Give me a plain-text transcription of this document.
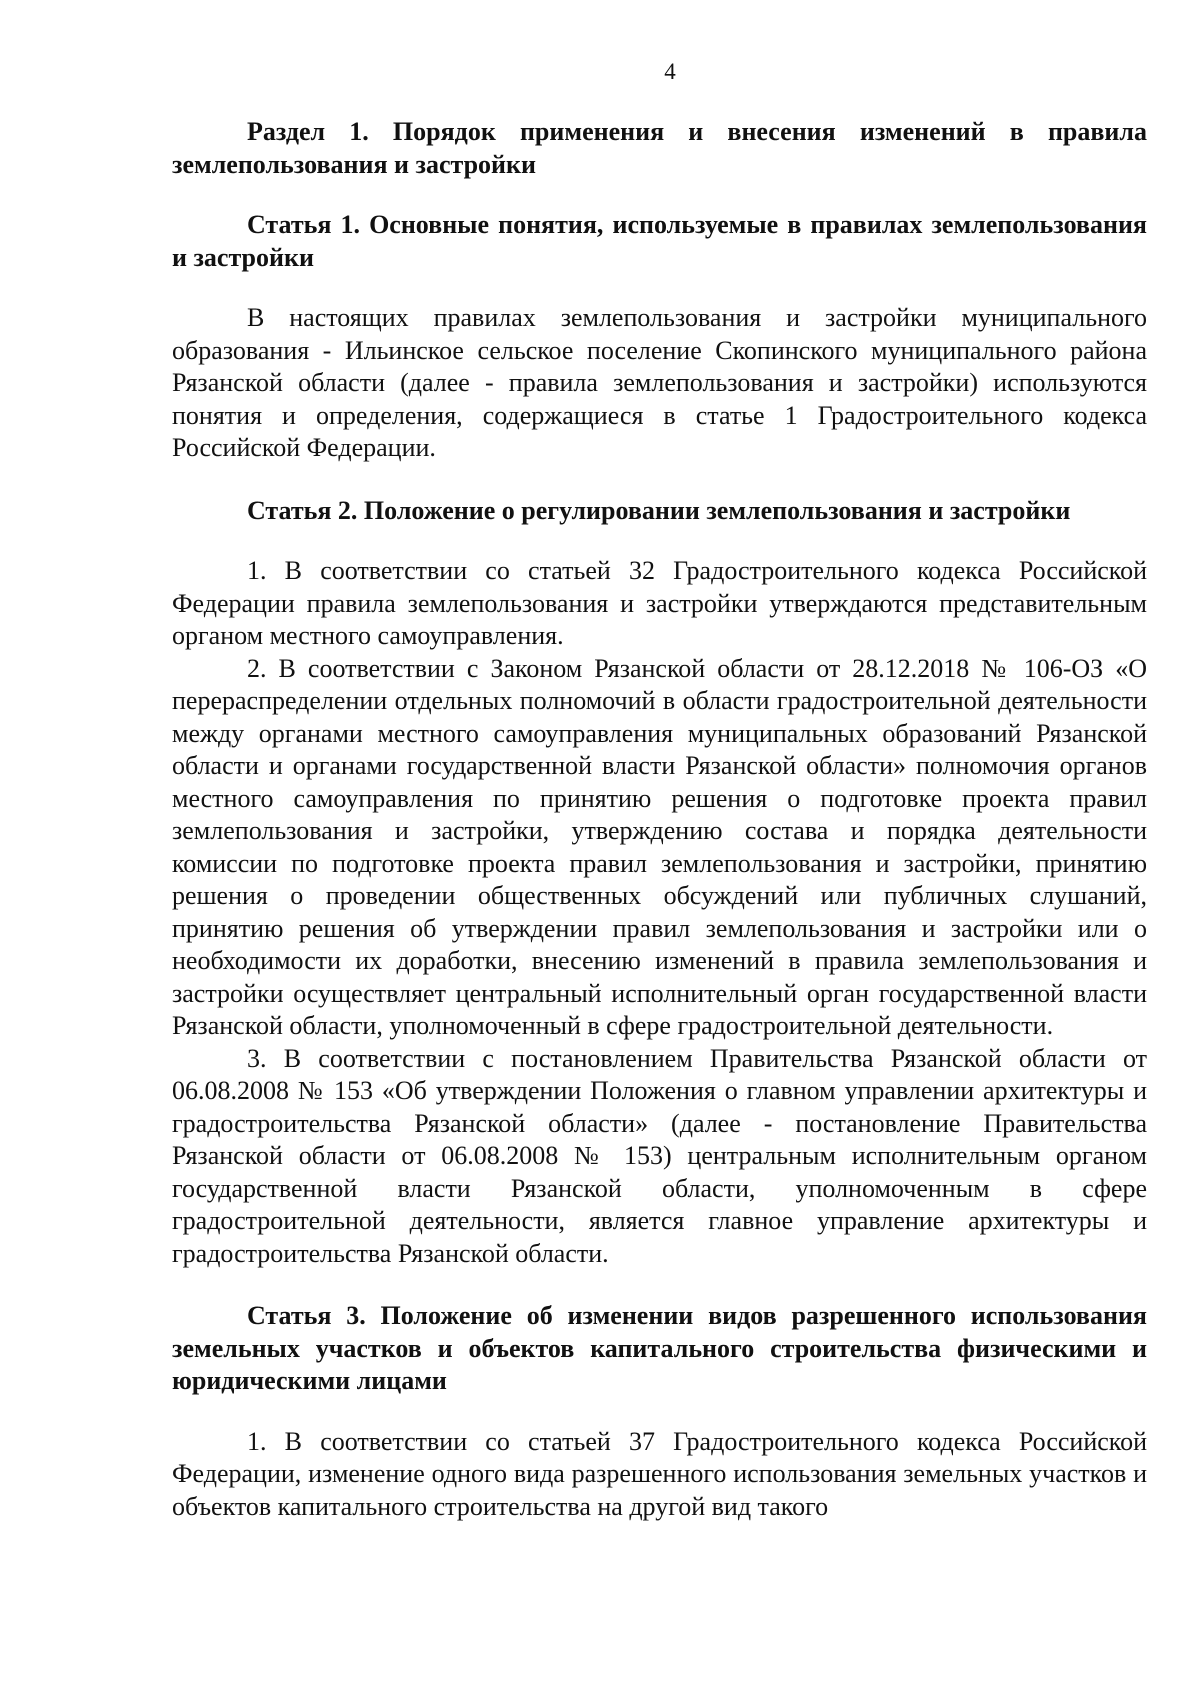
4

Раздел 1. Порядок применения и внесения изменений в правила землепользования и застройки

Статья 1. Основные понятия, используемые в правилах землепользования и застройки

В настоящих правилах землепользования и застройки муниципального образования - Ильинское сельское поселение Скопинского муниципального района Рязанской области (далее - правила землепользования и застройки) используются понятия и определения, содержащиеся в статье 1 Градостроительного кодекса Российской Федерации.

Статья 2. Положение о регулировании землепользования и застройки

1. В соответствии со статьей 32 Градостроительного кодекса Российской Федерации правила землепользования и застройки утверждаются представительным органом местного самоуправления.

2. В соответствии с Законом Рязанской области от 28.12.2018 № 106-ОЗ «О перераспределении отдельных полномочий в области градостроительной деятельности между органами местного самоуправления муниципальных образований Рязанской области и органами государственной власти Рязанской области» полномочия органов местного самоуправления по принятию решения о подготовке проекта правил землепользования и застройки, утверждению состава и порядка деятельности комиссии по подготовке проекта правил землепользования и застройки, принятию решения о проведении общественных обсуждений или публичных слушаний, принятию решения об утверждении правил землепользования и застройки или о необходимости их доработки, внесению изменений в правила землепользования и застройки осуществляет центральный исполнительный орган государственной власти Рязанской области, уполномоченный в сфере градостроительной деятельности.

3. В соответствии с постановлением Правительства Рязанской области от 06.08.2008 № 153 «Об утверждении Положения о главном управлении архитектуры и градостроительства Рязанской области» (далее - постановление Правительства Рязанской области от 06.08.2008 № 153) центральным исполнительным органом государственной власти Рязанской области, уполномоченным в сфере градостроительной деятельности, является главное управление архитектуры и градостроительства Рязанской области.

Статья 3. Положение об изменении видов разрешенного использования земельных участков и объектов капитального строительства физическими и юридическими лицами

1. В соответствии со статьей 37 Градостроительного кодекса Российской Федерации, изменение одного вида разрешенного использования земельных участков и объектов капитального строительства на другой вид такого
